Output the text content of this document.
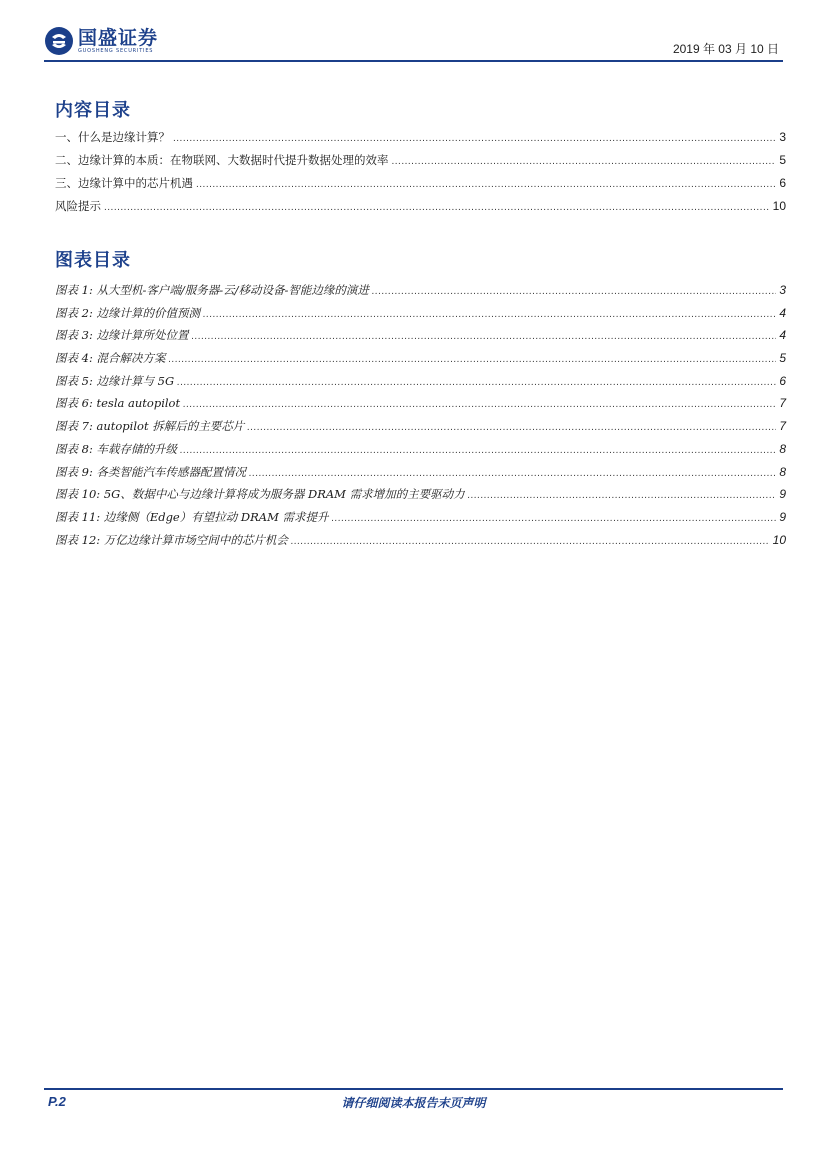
国盛证券
GUOSHENG SECURITIES	2019 年 03 月 10 日
内容目录
一、什么是边缘计算？ .....	3
二、边缘计算的本质：在物联网、大数据时代提升数据处理的效率 .....	5
三、边缘计算中的芯片机遇 .....	6
风险提示 .....	10
图表目录
图表 1: 从大型机-客户端/服务器-云/移动设备-智能边缘的演进 .....	3
图表 2: 边缘计算的价值预测 .....	4
图表 3: 边缘计算所处位置 .....	4
图表 4: 混合解决方案 .....	5
图表 5: 边缘计算与 5G .....	6
图表 6: tesla autopilot .....	7
图表 7: autopilot 拆解后的主要芯片 .....	7
图表 8: 车载存储的升级 .....	8
图表 9: 各类智能汽车传感器配置情况 .....	8
图表 10: 5G、数据中心与边缘计算将成为服务器 DRAM 需求增加的主要驱动力 .....	9
图表 11: 边缘侧（Edge）有望拉动 DRAM 需求提升 .....	9
图表 12: 万亿边缘计算市场空间中的芯片机会 .....	10
P.2	请仔细阅读本报告末页声明
